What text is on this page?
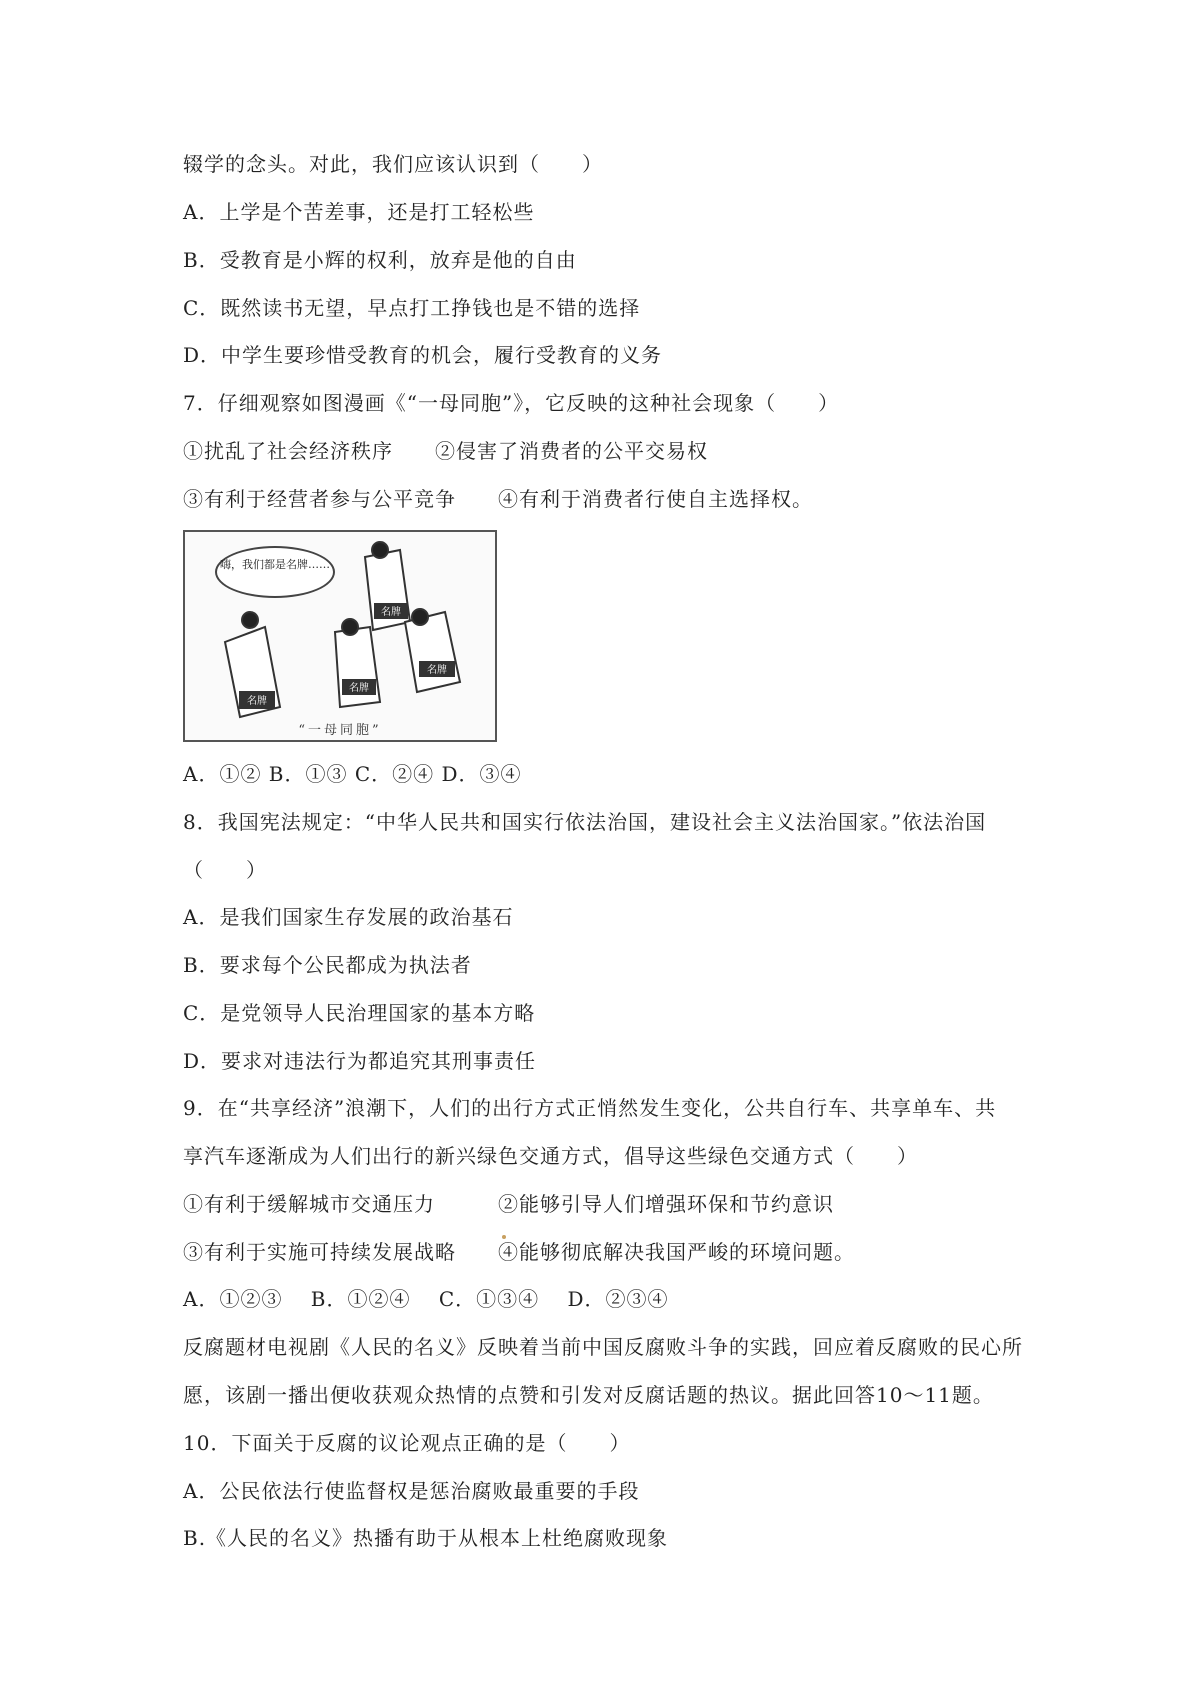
辍学的念头。对此，我们应该认识到（　　）
A．上学是个苦差事，还是打工轻松些
B．受教育是小辉的权利，放弃是他的自由
C．既然读书无望，早点打工挣钱也是不错的选择
D．中学生要珍惜受教育的机会，履行受教育的义务
7．仔细观察如图漫画《“一母同胞”》，它反映的这种社会现象（　　）
①扰乱了社会经济秩序　　②侵害了消费者的公平交易权
③有利于经营者参与公平竞争　　④有利于消费者行使自主选择权。
嗨，我们都是名牌……
名牌
名牌
名牌
名牌
“一母同胞”
A．①② B．①③ C．②④ D．③④
8．我国宪法规定：“中华人民共和国实行依法治国，建设社会主义法治国家。”依法治国
（　　）
A．是我们国家生存发展的政治基石
B．要求每个公民都成为执法者
C．是党领导人民治理国家的基本方略
D．要求对违法行为都追究其刑事责任
9．在“共享经济”浪潮下，人们的出行方式正悄然发生变化，公共自行车、共享单车、共
享汽车逐渐成为人们出行的新兴绿色交通方式，倡导这些绿色交通方式（　　）
①有利于缓解城市交通压力　　　②能够引导人们增强环保和节约意识
③有利于实施可持续发展战略　　④能够彻底解决我国严峻的环境问题。
A．①②③　 B．①②④　 C．①③④　 D．②③④
反腐题材电视剧《人民的名义》反映着当前中国反腐败斗争的实践，回应着反腐败的民心所
愿，该剧一播出便收获观众热情的点赞和引发对反腐话题的热议。据此回答10～11题。
10．下面关于反腐的议论观点正确的是（　　）
A．公民依法行使监督权是惩治腐败最重要的手段
B.《人民的名义》热播有助于从根本上杜绝腐败现象
